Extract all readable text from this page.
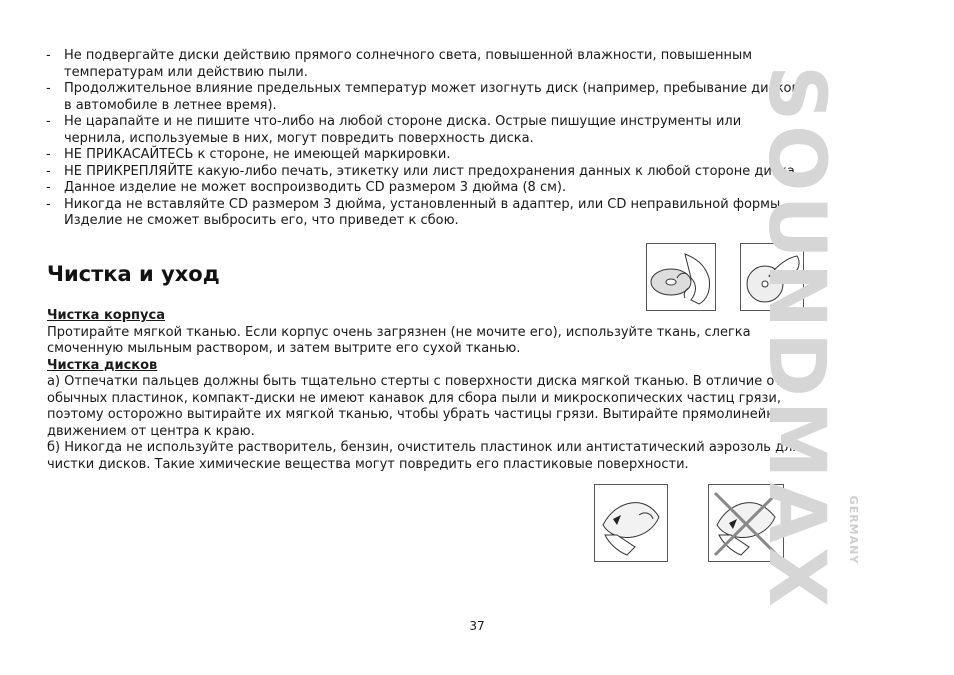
- Не подвергайте диски действию прямого солнечного света, повышенной влажности, повышенным температурам или действию пыли.
- Продолжительное влияние предельных температур может изогнуть диск (например, пребывание дисков в автомобиле в летнее время).
- Не царапайте и не пишите что-либо на любой стороне диска. Острые пишущие инструменты или чернила, используемые в них, могут повредить поверхность диска.
- НЕ ПРИКАСАЙТЕСЬ к стороне, не имеющей маркировки.
- НЕ ПРИКРЕПЛЯЙТЕ какую-либо печать, этикетку или лист предохранения данных к любой стороне диска.
- Данное изделие не может воспроизводить CD размером 3 дюйма (8 см).
- Никогда не вставляйте CD размером 3 дюйма, установленный в адаптер, или CD неправильной формы. Изделие не сможет выбросить его, что приведет к сбою.
Чистка и уход
Чистка корпуса

Протирайте мягкой тканью. Если корпус очень загрязнен (не мочите его), используйте ткань, слегка смоченную мыльным раствором, и затем вытрите его сухой тканью.

Чистка дисков

а) Отпечатки пальцев должны быть тщательно стерты с поверхности диска мягкой тканью. В отличие от обычных пластинок, компакт-диски не имеют канавок для сбора пыли и микроскопических частиц грязи, поэтому осторожно вытирайте их мягкой тканью, чтобы убрать частицы грязи. Вытирайте прямолинейным движением от центра к краю.

б) Никогда не используйте растворитель, бензин, очиститель пластинок или антистатический аэрозоль для чистки дисков. Такие химические вещества могут повредить его пластиковые поверхности. SOUNDMAX GERMANY
37
